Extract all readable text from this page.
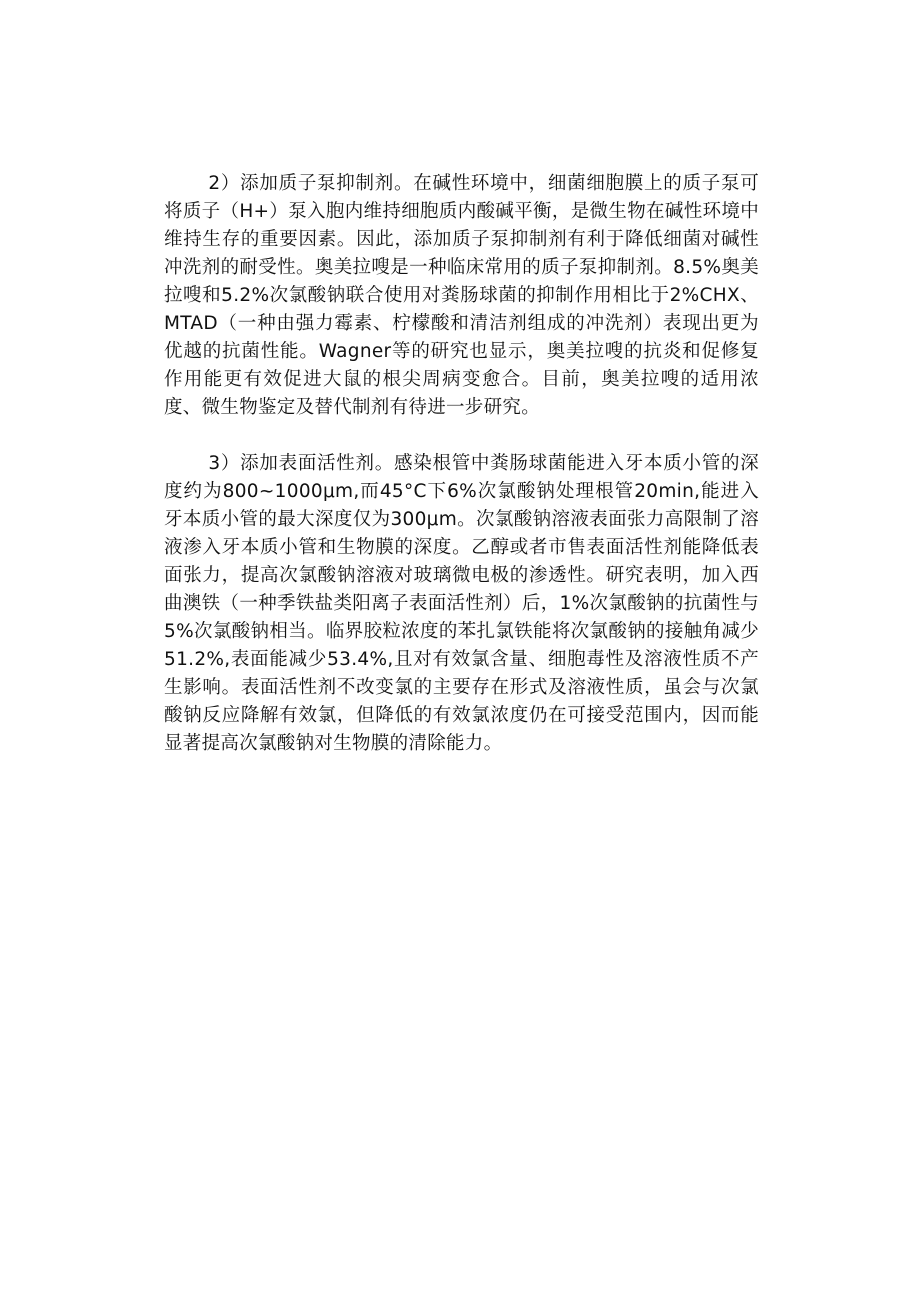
2）添加质子泵抑制剂。在碱性环境中，细菌细胞膜上的质子泵可将质子（H+）泵入胞内维持细胞质内酸碱平衡，是微生物在碱性环境中维持生存的重要因素。因此，添加质子泵抑制剂有利于降低细菌对碱性冲洗剂的耐受性。奥美拉嗖是一种临床常用的质子泵抑制剂。8.5%奥美拉嗖和5.2%次氯酸钠联合使用对粪肠球菌的抑制作用相比于2%CHX、MTAD（一种由强力霉素、柠檬酸和清洁剂组成的冲洗剂）表现出更为优越的抗菌性能。Wagner等的研究也显示，奥美拉嗖的抗炎和促修复作用能更有效促进大鼠的根尖周病变愈合。目前，奥美拉嗖的适用浓度、微生物鉴定及替代制剂有待进一步研究。

3）添加表面活性剂。感染根管中粪肠球菌能进入牙本质小管的深度约为800~1000μm,而45°C下6%次氯酸钠处理根管20min,能进入牙本质小管的最大深度仅为300μm。次氯酸钠溶液表面张力高限制了溶液渗入牙本质小管和生物膜的深度。乙醇或者市售表面活性剂能降低表面张力，提高次氯酸钠溶液对玻璃微电极的渗透性。研究表明，加入西曲澳铁（一种季铁盐类阳离子表面活性剂）后，1%次氯酸钠的抗菌性与5%次氯酸钠相当。临界胶粒浓度的苯扎氯铁能将次氯酸钠的接触角减少51.2%,表面能减少53.4%,且对有效氯含量、细胞毒性及溶液性质不产生影响。表面活性剂不改变氯的主要存在形式及溶液性质，虽会与次氯酸钠反应降解有效氯，但降低的有效氯浓度仍在可接受范围内，因而能显著提高次氯酸钠对生物膜的清除能力。
